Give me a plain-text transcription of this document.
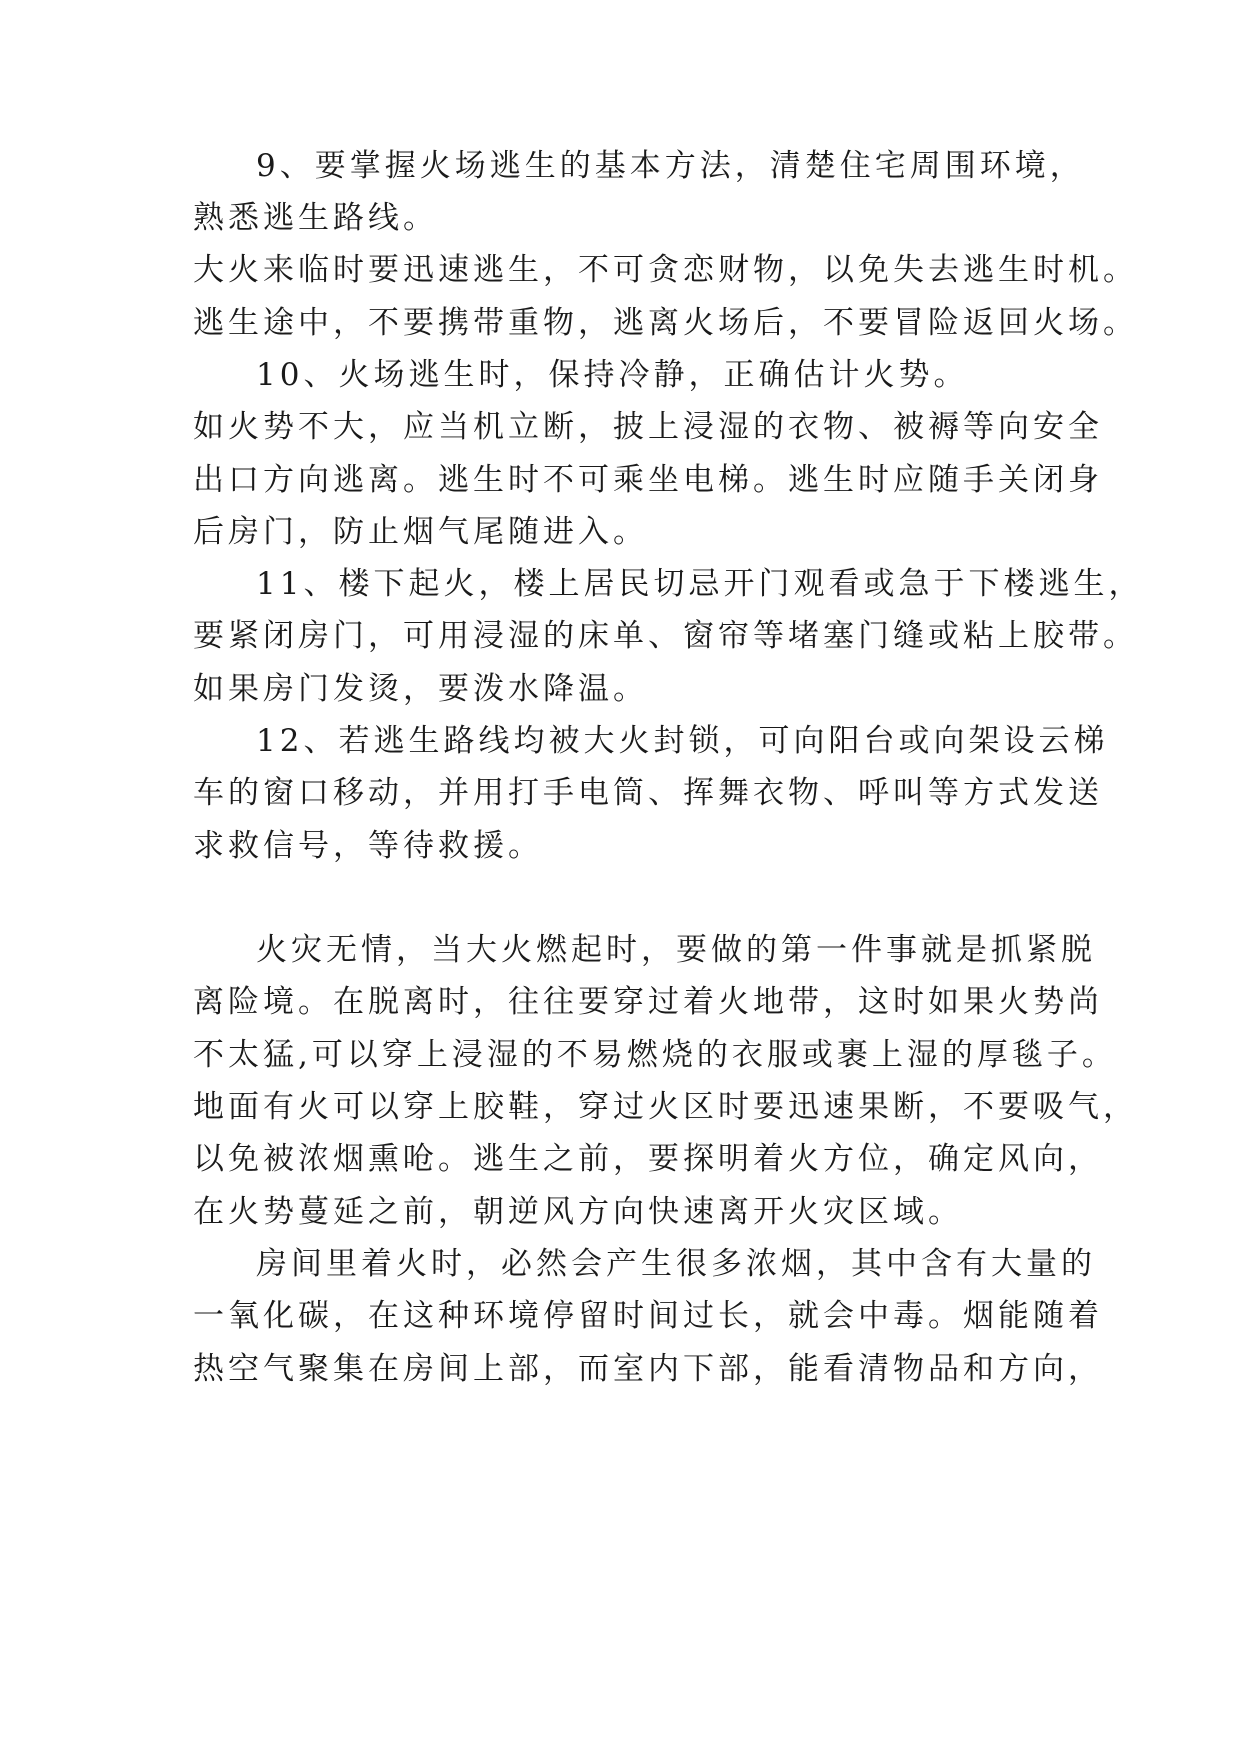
9、要掌握火场逃生的基本方法，清楚住宅周围环境，
熟悉逃生路线。
大火来临时要迅速逃生，不可贪恋财物，以免失去逃生时机。
逃生途中，不要携带重物，逃离火场后，不要冒险返回火场。
10、火场逃生时，保持冷静，正确估计火势。
如火势不大，应当机立断，披上浸湿的衣物、被褥等向安全
出口方向逃离。逃生时不可乘坐电梯。逃生时应随手关闭身
后房门，防止烟气尾随进入。
11、楼下起火，楼上居民切忌开门观看或急于下楼逃生，
要紧闭房门，可用浸湿的床单、窗帘等堵塞门缝或粘上胶带。
如果房门发烫，要泼水降温。
12、若逃生路线均被大火封锁，可向阳台或向架设云梯
车的窗口移动，并用打手电筒、挥舞衣物、呼叫等方式发送
求救信号，等待救援。
火灾无情，当大火燃起时，要做的第一件事就是抓紧脱
离险境。在脱离时，往往要穿过着火地带，这时如果火势尚
不太猛,可以穿上浸湿的不易燃烧的衣服或裹上湿的厚毯子。
地面有火可以穿上胶鞋，穿过火区时要迅速果断，不要吸气，
以免被浓烟熏呛。逃生之前，要探明着火方位，确定风向，
在火势蔓延之前，朝逆风方向快速离开火灾区域。
房间里着火时，必然会产生很多浓烟，其中含有大量的
一氧化碳，在这种环境停留时间过长，就会中毒。烟能随着
热空气聚集在房间上部，而室内下部，能看清物品和方向，
